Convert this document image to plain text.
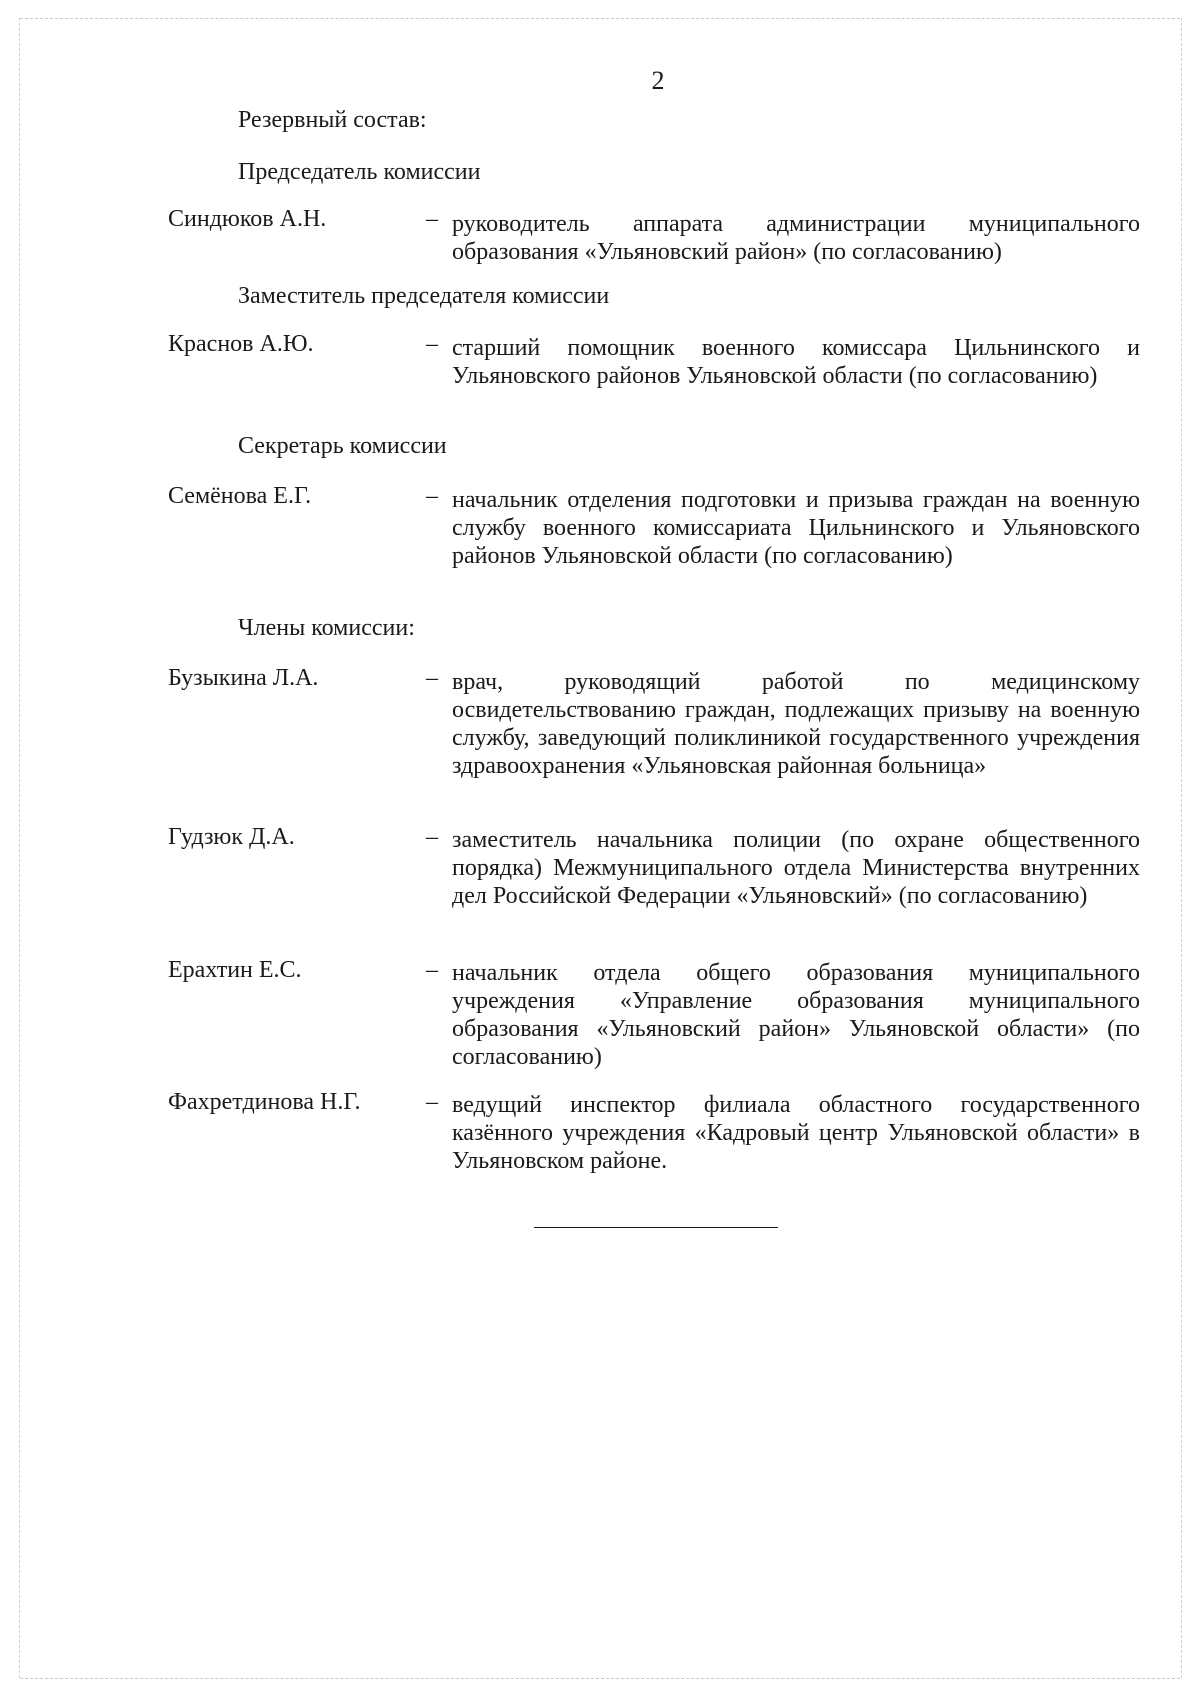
2
Резервный состав:
Председатель комиссии
Синдюков А.Н.	– руководитель аппарата администрации муниципального образования «Ульяновский район» (по согласованию)
Заместитель председателя комиссии
Краснов А.Ю.	– старший помощник военного комиссара Цильнинского и Ульяновского районов Ульяновской области (по согласованию)
Секретарь комиссии
Семёнова Е.Г.	– начальник отделения подготовки и призыва граждан на военную службу военного комиссариата Цильнинского и Ульяновского районов Ульяновской области (по согласованию)
Члены комиссии:
Бузыкина Л.А.	– врач, руководящий работой по медицинскому освидетельствованию граждан, подлежащих призыву на военную службу, заведующий поликлиникой государственного учреждения здравоохранения «Ульяновская районная больница»
Гудзюк Д.А.	– заместитель начальника полиции (по охране общественного порядка) Межмуниципального отдела Министерства внутренних дел Российской Федерации «Ульяновский» (по согласованию)
Ерахтин Е.С.	– начальник отдела общего образования муниципального учреждения «Управление образования муниципального образования «Ульяновский район» Ульяновской области» (по согласованию)
Фахретдинова Н.Г.	– ведущий инспектор филиала областного государственного казённого учреждения «Кадровый центр Ульяновской области» в Ульяновском районе.
